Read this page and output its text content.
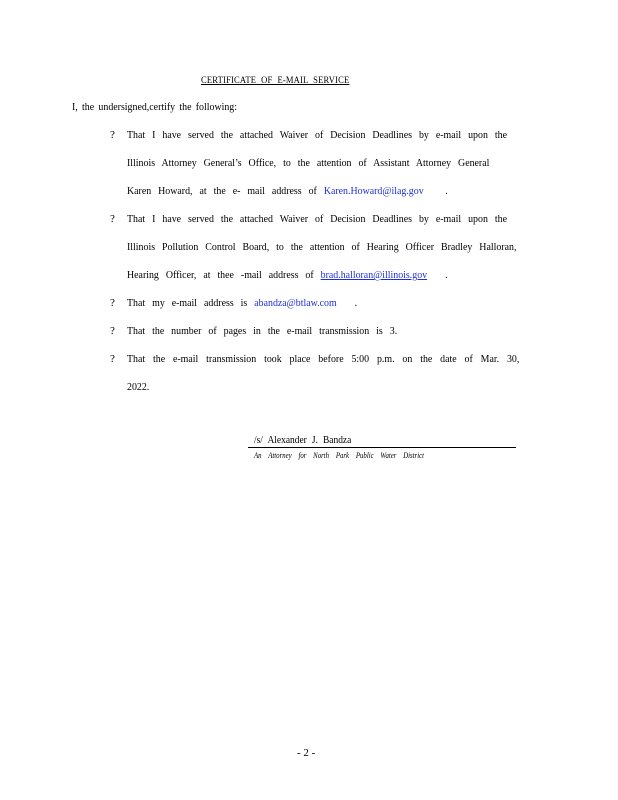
CERTIFICATE OF E-MAIL SERVICE
I, the undersigned,certify the following:
? That I have served the attached Waiver of Decision Deadlines by e-mail upon the
Illinois Attorney General’s Office, to the attention of Assistant Attorney General
Karen Howard, at the e- mail address of Karen.Howard@ilag.gov .
? That I have served the attached Waiver of Decision Deadlines by e-mail upon the
Illinois Pollution Control Board, to the attention of Hearing Officer Bradley Halloran,
Hearing Officer, at thee -mail address of brad.halloran@illinois.gov .
? That my e-mail address is abandza@btlaw.com .
? That the number of pages in the e-mail transmission is 3.
? That the e-mail transmission took place before 5:00 p.m. on the date of Mar. 30,
2022.
/s/ Alexander J. Bandza
An Attorney for North Park Public Water District
- 2 -
